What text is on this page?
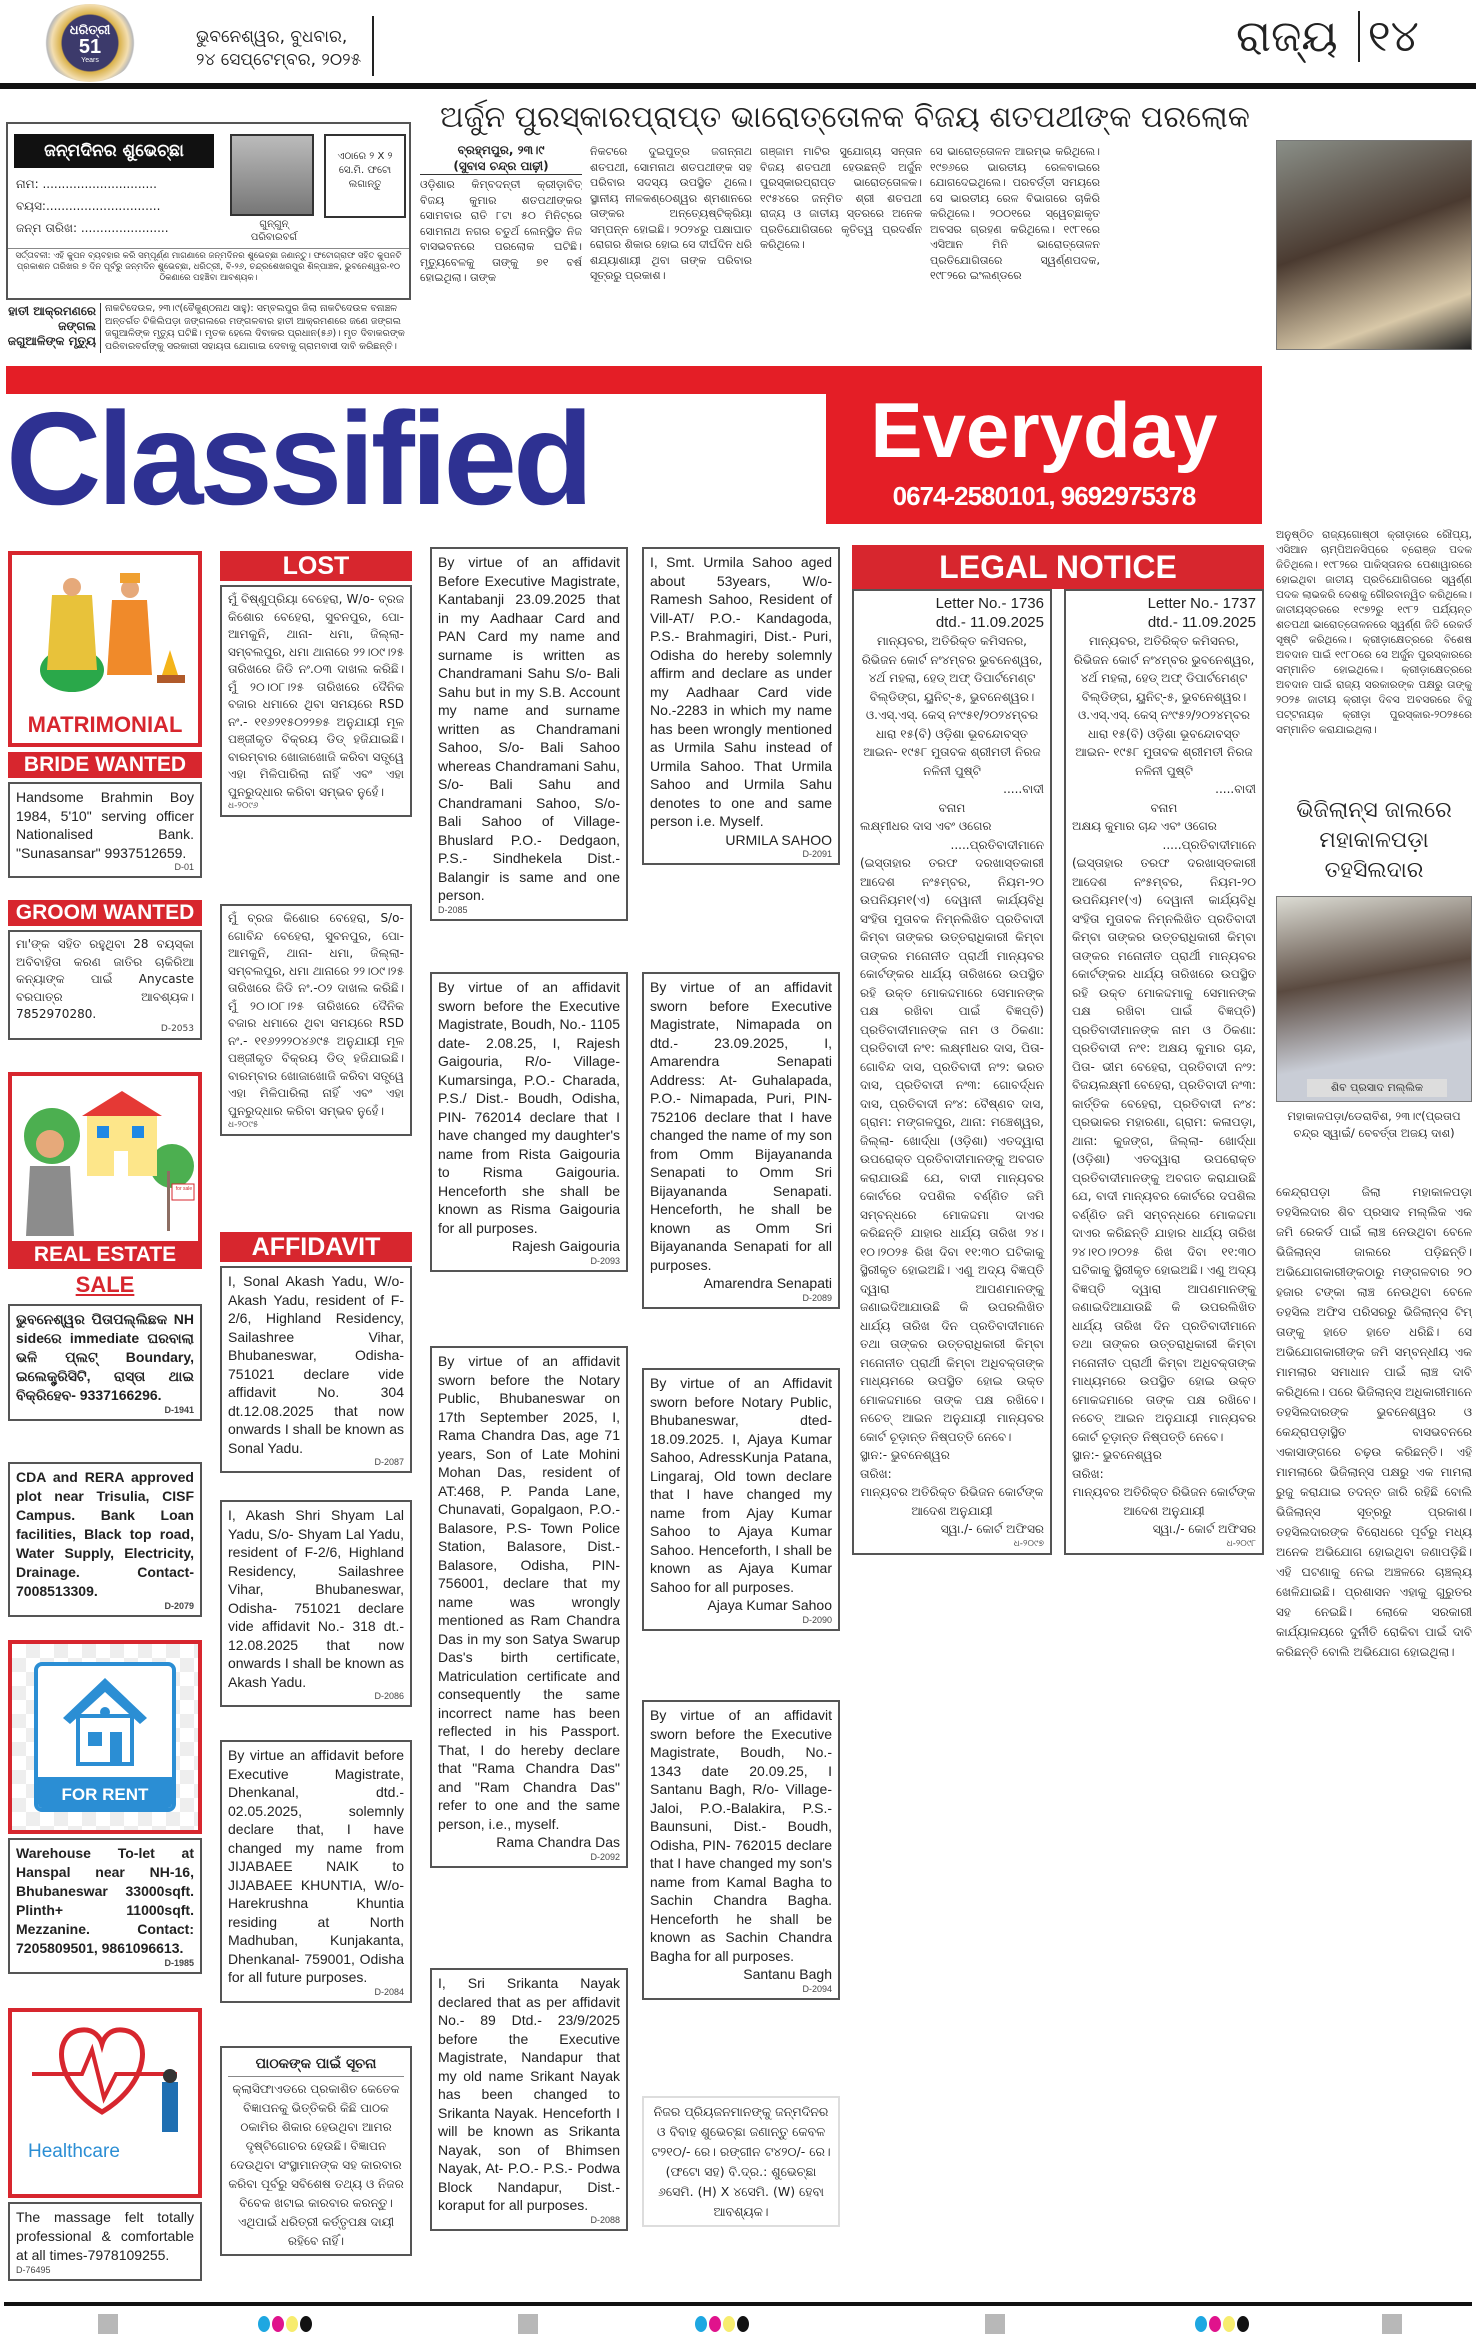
ଧରିତ୍ରୀ
51
Years
ଭୁବନେଶ୍ୱର, ବୁଧବାର,
୨୪ ସେପ୍ଟେମ୍ବର, ୨୦୨୫	ରାଜ୍ୟ ୧୪
ଜନ୍ମଦିନର ଶୁଭେଚ୍ଛା
ନାମ: ..............................
ବୟସ:..............................
ଜନ୍ମ ତାରିଖ: .......................	ଗୁନ୍‌ଗୁନ୍
ପରିବାରବର୍ଗ
ଏଠାରେ ୨ X ୨ ସେ.ମି. ଫଟୋ ଲଗାନ୍ତୁ
ସର୍ତ୍ତାବଳୀ: ଏହି କୁପନ ବ୍ୟବହାର କରି ସମ୍ପୂର୍ଣ୍ଣ ମାଗଣାରେ ଜନ୍ମଦିନର ଶୁଭେଚ୍ଛା ଜଣାନ୍ତୁ। ଫଟୋଗ୍ରାଫ ସହିତ କୁପନଟି ପ୍ରକାଶନ ତାରିଖର ୭ ଦିନ ପୂର୍ବରୁ ଜନ୍ମଦିନ ଶୁଭେଚ୍ଛା, ଧରିତ୍ରୀ, ବି-୨୬, ଚନ୍ଦ୍ରଶେଖରପୁର ଶିଳ୍ପାଞ୍ଚଳ, ଭୁବନେଶ୍ୱର-୧୦ ଠିକଣାରେ ପହଞ୍ଚିବା ଆବଶ୍ୟକ।
ହାତୀ ଆକ୍ରମଣରେ ଜଙ୍ଗଲ ଜଗୁଆଳିଙ୍କ ମୃତ୍ୟୁ
ନାକଟିଦେଉଳ, ୨୩।୯(ବୈକୁଣ୍ଠନାଥ ସାହୁ): ସମ୍ବଲପୁର ଜିଲା ନାକଟିଦେଉଳ ବନାଞ୍ଚଳ ଅନ୍ତର୍ଗତ ଟିକିଲିପଡ଼ା ଜଙ୍ଗଲରେ ମଙ୍ଗଳବାର ହାତୀ ଆକ୍ରମଣରେ ଜଣେ ଜଙ୍ଗଲ ଜଗୁଆଳିଙ୍କ ମୃତ୍ୟୁ ଘଟିଛି। ମୃତକ ହେଲେ ଦିବାକର ପ୍ରଧାନ(୫୬)। ମୃତ ଦିବାକରଙ୍କ ପରିବାରବର୍ଗଙ୍କୁ ସରକାରୀ ସହାୟତା ଯୋଗାଇ ଦେବାକୁ ଗ୍ରାମବାସୀ ଦାବି କରିଛନ୍ତି।
ଅର୍ଜୁନ ପୁରସ୍କାରପ୍ରାପ୍ତ ଭାରୋତ୍ତୋଳକ ବିଜୟ ଶତପଥୀଙ୍କ ପରଲୋକ
ବ୍ରହ୍ମପୁର, ୨୩।୯
(ସୁବାସ ଚନ୍ଦ୍ର ପାଢ଼ୀ)
ଓଡ଼ିଶାର କିମ୍ବଦନ୍ତୀ କ୍ରୀଡ଼ାବିତ୍ ବିଜୟ କୁମାର ଶତପଥୀଙ୍କର ସୋମବାର ରାତି ୮ଟା ୫୦ ମିନିଟ୍‌ରେ ସୋମନାଥ ନଗର ଚତୁର୍ଥ ଲେନ୍‌ସ୍ଥିତ ନିଜ ବାସଭବନରେ ପରଲୋକ ଘଟିଛି। ମୃତ୍ୟୁବେଳକୁ ତାଙ୍କୁ ୭୧ ବର୍ଷ ହୋଇଥିଲା। ତାଙ୍କ
ନିକଟରେ ଦୁଇପୁତ୍ର ଜଗନ୍ନାଥ ଶତପଥୀ, ସୋମନାଥ ଶତପଥୀଙ୍କ ସହ ପରିବାର ସଦସ୍ୟ ଉପସ୍ଥିତ ଥିଲେ। ସ୍ଥାନୀୟ ନୀଳକଣ୍ଠେଶ୍ୱର ଶ୍ମଶାନରେ ତାଙ୍କର ଅନ୍ତ୍ୟେଷ୍ଟିକ୍ରିୟା ସମ୍ପନ୍ନ ହୋଇଛି। ୨୦୨୪ରୁ ପକ୍ଷାଘାତ ରୋଗର ଶିକାର ହୋଇ ସେ ଦୀର୍ଘଦିନ ଧରି ଶଯ୍ୟାଶାୟୀ ଥିବା ତାଙ୍କ ପରିବାର ସୂତ୍ରରୁ ପ୍ରକାଶ।
ଗଞ୍ଜାମ ମାଟିର ସୁଯୋଗ୍ୟ ସନ୍ତାନ ବିଜୟ ଶତପଥୀ ହେଉଛନ୍ତି ଅର୍ଜୁନ ପୁରସ୍କାରପ୍ରାପ୍ତ ଭାରୋତ୍ତୋଳକ। ୧୯୫୪ରେ ଜନ୍ମିତ ଶ୍ରୀ ଶତପଥୀ ରାଜ୍ୟ ଓ ଜାତୀୟ ସ୍ତରରେ ଅନେକ ପ୍ରତିଯୋଗିତାରେ କୃତିତ୍ୱ ପ୍ରଦର୍ଶନ କରିଥିଲେ।
ସେ ଭାରୋତ୍ତୋଳନ ଆରମ୍ଭ କରିଥିଲେ। ୧୯୭୬ରେ ଭାରତୀୟ ରେଳବାଇରେ ଯୋଗଦେଇଥିଲେ। ପରବର୍ତ୍ତୀ ସମୟରେ ସେ ଭାରତୀୟ ରେଳ ବିଭାଗରେ ଚାକିରି କରିଥିଲେ। ୨୦୦୧ରେ ସ୍ୱେଚ୍ଛାକୃତ ଅବସର ଗ୍ରହଣ କରିଥିଲେ। ୧୯୮୧ରେ ଏସିଆନ ମିନି ଭାରୋତ୍ତୋଳନ ପ୍ରତିଯୋଗିତାରେ ସ୍ୱର୍ଣ୍ଣପଦକ, ୧୯୮୨ରେ ଇଂଲଣ୍ଡରେ
ଅନୁଷ୍ଠିତ ରାଜ୍ୟଗୋଷ୍ଠୀ କ୍ରୀଡ଼ାରେ ରୌପ୍ୟ, ଏସିଆନ ଚାମ୍ପିଅନସିପ୍‌ରେ ବ୍ରୋଞ୍ଜ ପଦକ ଜିତିଥିଲେ। ୧୯୮୨ରେ ପାକିସ୍ତାନର ପେଶାୱାରରେ ହୋଇଥିବା ଜାତୀୟ ପ୍ରତିଯୋଗିତାରେ ସ୍ୱର୍ଣ୍ଣ ପଦକ ଲାଭକରି ଦେଶକୁ ଗୌରବାନ୍ୱିତ କରିଥିଲେ। ଜାତୀୟସ୍ତରରେ ୧୯୭୨ରୁ ୧୯୮୨ ପର୍ଯ୍ୟନ୍ତ ଶତପଥୀ ଭାରୋତ୍ତୋଳନରେ ସ୍ୱର୍ଣ୍ଣ ଜିତି ରେକର୍ଡ ସୃଷ୍ଟି କରିଥିଲେ। କ୍ରୀଡ଼ାକ୍ଷେତ୍ରରେ ବିଶେଷ ଅବଦାନ ପାଇଁ ୧୯୮୦ରେ ସେ ଅର୍ଜୁନ ପୁରସ୍କାରରେ ସମ୍ମାନିତ ହୋଇଥିଲେ। କ୍ରୀଡ଼ାକ୍ଷେତ୍ରରେ ଅବଦାନ ପାଇଁ ରାଜ୍ୟ ସରକାରଙ୍କ ପକ୍ଷରୁ ତାଙ୍କୁ ୨୦୨୫ ଜାତୀୟ କ୍ରୀଡ଼ା ଦିବସ ଅବସରରେ ବିଜୁ ପଟ୍ଟନାୟକ କ୍ରୀଡ଼ା ପୁରସ୍କାର-୨୦୨୫ରେ ସମ୍ମାନିତ କରାଯାଇଥିଲା।
Classified	Everyday
0674-2580101, 9692975378
ଭିଜିଲାନ୍ସ ଜାଲରେ ମହାକାଳପଡ଼ା ତହସିଲଦାର
ଶିବ ପ୍ରସାଦ ମଲ୍ଲିକ
ମହାକାଳପଡ଼ା/ଡେରାବିଶ, ୨୩।୯(ପ୍ରତାପ ଚନ୍ଦ୍ର ସ୍ୱାଇଁ/ ବେବର୍ତ୍ତା ଅଜୟ ଦାଶ)
କେନ୍ଦ୍ରାପଡ଼ା ଜିଲା ମହାକାଳପଡ଼ା ତହସିଲଦାର ଶିବ ପ୍ରସାଦ ମଲ୍ଲିକ ଏକ ଜମି ରେକର୍ଡ ପାଇଁ ଲାଞ୍ଚ ନେଉଥିବା ବେଳେ ଭିଜିଲାନ୍ସ ଜାଲରେ ପଡ଼ିଛନ୍ତି। ଅଭିଯୋଗକାରୀଙ୍କଠାରୁ ମଙ୍ଗଳବାର ୨୦ ହଜାର ଟଙ୍କା ଲାଞ୍ଚ ନେଉଥିବା ବେଳେ ତହସିଲ ଅଫିସ ପରିସରରୁ ଭିଜିଲାନ୍ସ ଟିମ୍ ତାଙ୍କୁ ହାତେ ହାତେ ଧରିଛି। ସେ ଅଭିଯୋଗକାରୀଙ୍କ ଜମି ସମ୍ବନ୍ଧୀୟ ଏକ ମାମଲାର ସମାଧାନ ପାଇଁ ଲାଞ୍ଚ ଦାବି କରିଥିଲେ। ପରେ ଭିଜିଲାନ୍ସ ଅଧିକାରୀମାନେ ତହସିଲଦାରଙ୍କ ଭୁବନେଶ୍ୱର ଓ କେନ୍ଦ୍ରାପଡ଼ାସ୍ଥିତ ବାସଭବନରେ ଏକାସାଙ୍ଗରେ ଚଢ଼ଉ କରିଛନ୍ତି। ଏହି ମାମଲାରେ ଭିଜିଲାନ୍ସ ପକ୍ଷରୁ ଏକ ମାମଲା ରୁଜୁ କରାଯାଇ ତଦନ୍ତ ଜାରି ରହିଛି ବୋଲି ଭିଜିଲାନ୍ସ ସୂତ୍ରରୁ ପ୍ରକାଶ। ତହସିଲଦାରଙ୍କ ବିରୋଧରେ ପୂର୍ବରୁ ମଧ୍ୟ ଅନେକ ଅଭିଯୋଗ ହୋଇଥିବା ଜଣାପଡ଼ିଛି। ଏହି ଘଟଣାକୁ ନେଇ ଅଞ୍ଚଳରେ ଚାଞ୍ଚଲ୍ୟ ଖେଳିଯାଇଛି। ପ୍ରଶାସନ ଏହାକୁ ଗୁରୁତର ସହ ନେଇଛି। ଲୋକେ ସରକାରୀ କାର୍ଯ୍ୟାଳୟରେ ଦୁର୍ନୀତି ରୋକିବା ପାଇଁ ଦାବି କରିଛନ୍ତି ବୋଲି ଅଭିଯୋଗ ହୋଇଥିଲା।
MATRIMONIAL
BRIDE WANTED
Handsome Brahmin Boy 1984, 5'10" serving officer Nationalised Bank. "Sunasansar" 9937512659.
D-01
GROOM WANTED
ମା'ଙ୍କ ସହିତ ରହୁଥିବା 28 ବୟସ୍କା ଅବିବାହିତା କରଣ ଜାତିର ଚାକିରିଆ କନ୍ୟାଙ୍କ ପାଇଁ Anycaste ବରପାତ୍ର ଆବଶ୍ୟକ। 7852970280.
D-2053
for sale
REAL ESTATE
SALE
ଭୁବନେଶ୍ୱର ପିତାପଲ୍ଲିଛକ NH sideରେ immediate ଘରବାଲା ଭଳି ପ୍ଲଟ୍ Boundary, ଇଲେକ୍ଟ୍ରିସିଟି, ରାସ୍ତା ଥାଇ ବିକ୍ରିହେବ- 9337166296.
D-1941
CDA and RERA approved plot near Trisulia, CISF Campus. Bank Loan facilities, Black top road, Water Supply, Electricity, Drainage. Contact- 7008513309.
D-2079
FOR RENT
Warehouse To-let at Hanspal near NH-16, Bhubaneswar 33000sqft. Plinth+ 11000sqft. Mezzanine. Contact: 7205809501, 9861096613.
D-1985
Healthcare
The massage felt totally professional & comfortable at all times-7978109255.
D-76495
LOST
ମୁଁ ବିଷ୍ଣୁପ୍ରିୟା ବେହେରା, W/o- ବ୍ରଜ କିଶୋର ବେହେରା, ସୁବନପୁର, ପୋ- ଆମକୁନି, ଥାନା- ଧମା, ଜିଲ୍ଲା- ସମ୍ବଲପୁର, ଧମା ଥାନାରେ ୨୨।୦୯।୨୫ ତାରିଖରେ ଜିଡି ନଂ.୦୩ ଦାଖଲ କରିଛି। ମୁଁ ୨୦।୦୮।୨୫ ତାରିଖରେ ଦୈନିକ ବଜାର ଧମାରେ ଥିବା ସମୟରେ RSD ନଂ.- ୧୧୬୨୧୫୦୨୨୭୫ ଅନୁଯାୟୀ ମୂଳ ପଞ୍ଜୀକୃତ ବିକ୍ରୟ ଡିଡ୍ ହଜିଯାଇଛି। ବାରମ୍ବାର ଖୋଜାଖୋଜି କରିବା ସତ୍ତ୍ୱେ ଏହା ମିଳିପାରିଲା ନାହିଁ ଏବଂ ଏହା ପୁନରୁଦ୍ଧାର କରିବା ସମ୍ଭବ ନୁହେଁ।
ଧ-୨୦୯୬
ମୁଁ ବ୍ରଜ କିଶୋର ବେହେରା, S/o- ଗୋବିନ୍ଦ ବେହେରା, ସୁବନପୁର, ପୋ- ଆମକୁନି, ଥାନା- ଧମା, ଜିଲ୍ଲା- ସମ୍ବଲପୁର, ଧମା ଥାନାରେ ୨୨।୦୯।୨୫ ତାରିଖରେ ଜିଡି ନଂ.-୦୨ ଦାଖଲ କରିଛି। ମୁଁ ୨୦।୦୮।୨୫ ତାରିଖରେ ଦୈନିକ ବଜାର ଧମାରେ ଥିବା ସମୟରେ RSD ନଂ.- ୧୧୬୨୨୨୦୪୬୯୫ ଅନୁଯାୟୀ ମୂଳ ପଞ୍ଜୀକୃତ ବିକ୍ରୟ ଡିଡ୍ ହଜିଯାଇଛି। ବାରମ୍ବାର ଖୋଜାଖୋଜି କରିବା ସତ୍ତ୍ୱେ ଏହା ମିଳିପାରିଲା ନାହିଁ ଏବଂ ଏହା ପୁନରୁଦ୍ଧାର କରିବା ସମ୍ଭବ ନୁହେଁ।
ଧ-୨୦୯୫
AFFIDAVIT
I, Sonal Akash Yadu, W/o- Akash Yadu, resident of F-2/6, Highland Residency, Sailashree Vihar, Bhubaneswar, Odisha-751021 declare vide affidavit No. 304 dt.12.08.2025 that now onwards I shall be known as Sonal Yadu.
D-2087
I, Akash Shri Shyam Lal Yadu, S/o- Shyam Lal Yadu, resident of F-2/6, Highland Residency, Sailashree Vihar, Bhubaneswar, Odisha- 751021 declare vide affidavit No.- 318 dt.- 12.08.2025 that now onwards I shall be known as Akash Yadu.
D-2086
By virtue an affidavit before Executive Magistrate, Dhenkanal, dtd.- 02.05.2025, solemnly declare that, I have changed my name from JIJABAEE NAIK to JIJABAEE KHUNTIA, W/o- Harekrushna Khuntia residing at North Madhuban, Kunjakanta, Dhenkanal- 759001, Odisha for all future purposes.
D-2084
ପାଠକଙ୍କ ପାଇଁ ସୂଚନା
କ୍ଲାସିଫାଏଡରେ ପ୍ରକାଶିତ କେତେକ ବିଜ୍ଞାପନକୁ ଭିତ୍ତିକରି କିଛି ପାଠକ ଠକାମିର ଶିକାର ହେଉଥିବା ଆମର ଦୃଷ୍ଟିଗୋଚର ହେଉଛି। ବିଜ୍ଞାପନ ଦେଉଥିବା ସଂସ୍ଥାମାନଙ୍କ ସହ କାରବାର କରିବା ପୂର୍ବରୁ ସବିଶେଷ ତଥ୍ୟ ଓ ନିଜର ବିବେକ ଖଟାଇ କାରବାର କରନ୍ତୁ। ଏଥିପାଇଁ ଧରିତ୍ରୀ କର୍ତ୍ତୃପକ୍ଷ ଦାୟୀ ରହିବେ ନାହିଁ।
By virtue of an affidavit Before Executive Magistrate, Kantabanji 23.09.2025 that in my Aadhaar Card and PAN Card my name and surname is written as Chandramani Sahu S/o- Bali Sahu but in my S.B. Account my name and surname written as Chandramani Sahoo, S/o- Bali Sahoo whereas Chandramani Sahu, S/o- Bali Sahu and Chandramani Sahoo, S/o- Bali Sahoo of Village-Bhuslard P.O.- Dedgaon, P.S.- Sindhekela Dist.-Balangir is same and one person.
D-2085
By virtue of an affidavit sworn before the Executive Magistrate, Boudh, No.- 1105 date- 2.08.25, I, Rajesh Gaigouria, R/o- Village- Kumarsinga, P.O.- Charada, P.S./ Dist.- Boudh, Odisha, PIN- 762014 declare that I have changed my daughter's name from Rista Gaigouria to Risma Gaigouria. Henceforth she shall be known as Risma Gaigouria for all purposes.
Rajesh Gaigouria
D-2093
By virtue of an affidavit sworn before the Notary Public, Bhubaneswar on 17th September 2025, I, Rama Chandra Das, age 71 years, Son of Late Mohini Mohan Das, resident of AT:468, P. Panda Lane, Chunavati, Gopalgaon, P.O.- Balasore, P.S- Town Police Station, Balasore, Dist.- Balasore, Odisha, PIN-756001, declare that my name was wrongly mentioned as Ram Chandra Das in my son Satya Swarup Das's birth certificate, Matriculation certificate and consequently the same incorrect name has been reflected in his Passport. That, I do hereby declare that "Rama Chandra Das" and "Ram Chandra Das" refer to one and the same person, i.e., myself.
Rama Chandra Das
D-2092
I, Sri Srikanta Nayak declared that as per affidavit No.- 89 Dtd.- 23/9/2025 before the Executive Magistrate, Nandapur that my old name Srikant Nayak has been changed to Srikanta Nayak. Henceforth I will be known as Srikanta Nayak, son of Bhimsen Nayak, At- P.O.- P.S.- Podwa Block Nandapur, Dist.- koraput for all purposes.
D-2088
I, Smt. Urmila Sahoo aged about 53years, W/o- Ramesh Sahoo, Resident of Vill-AT/ P.O.- Kandagoda, P.S.- Brahmagiri, Dist.- Puri, Odisha do hereby solemnly affirm and declare as under my Aadhaar Card vide No.-2283 in which my name has been wrongly mentioned as Urmila Sahu instead of Urmila Sahoo. That Urmila Sahoo and Urmila Sahu denotes to one and same person i.e. Myself.
URMILA SAHOO
D-2091
By virtue of an affidavit sworn before Executive Magistrate, Nimapada on dtd.- 23.09.2025, I, Amarendra Senapati Address: At- Guhalapada, P.O.- Nimapada, Puri, PIN- 752106 declare that I have changed the name of my son from Omm Bijayananda Senapati to Omm Sri Bijayananda Senapati. Henceforth, he shall be known as Omm Sri Bijayananda Senapati for all purposes.
Amarendra Senapati
D-2089
By virtue of an Affidavit sworn before Notary Public, Bhubaneswar, dted- 18.09.2025. I, Ajaya Kumar Sahoo, AdressKunja Patana, Lingaraj, Old town declare that I have changed my name from Ajay Kumar Sahoo to Ajaya Kumar Sahoo. Henceforth, I shall be known as Ajaya Kumar Sahoo for all purposes.
Ajaya Kumar Sahoo
D-2090
By virtue of an affidavit sworn before the Executive Magistrate, Boudh, No.- 1343 date 20.09.25, I Santanu Bagh, R/o- Village- Jaloi, P.O.-Balakira, P.S.- Baunsuni, Dist.- Boudh, Odisha, PIN- 762015 declare that I have changed my son's name from Kamal Bagha to Sachin Chandra Bagha. Henceforth he shall be known as Sachin Chandra Bagha for all purposes.
Santanu Bagh
D-2094
ନିଜର ପ୍ରିୟଜନମାନଙ୍କୁ ଜନ୍ମଦିନର ଓ ବିବାହ ଶୁଭେଚ୍ଛା ଜଣାନ୍ତୁ କେବଳ ଟ୨୧୦/- ରେ। ରଙ୍ଗୀନ ଟ୪୨୦/- ରେ। (ଫଟୋ ସହ) ବି.ଦ୍ର.: ଶୁଭେଚ୍ଛା ୬ସେମି. (H) X ୪ସେମି. (W) ହେବା ଆବଶ୍ୟକ।
LEGAL NOTICE
Letter No.- 1736
dtd.- 11.09.2025
ମାନ୍ୟବର, ଅତିରିକ୍ତ କମିସନର, ରିଭିଜନ କୋର୍ଟ ନଂ୪ମ୍ବର ଭୁବନେଶ୍ୱର, ୪ର୍ଥ ମହଲା, ହେଡ୍ ଅଫ୍ ଡିପାର୍ଟମେଣ୍ଟ ବିଲ୍ଡିଙ୍ଗ, ୟୁନିଟ୍-୫, ଭୁବନେଶ୍ୱର। ଓ.ଏସ୍.ଏସ୍. କେସ୍ ନଂ୯୫୧/୨୦୨୪ମ୍ବର ଧାରା ୧୫(ବି) ଓଡ଼ିଶା ଭୂବନ୍ଦୋବସ୍ତ ଆଇନ- ୧୯୫୮ ମୁତାବକ ଶ୍ରୀମତୀ ନିରଜ ନଳିନୀ ପୁଷ୍ଟି
.....ବାଦୀ
ବନାମ
ଲକ୍ଷ୍ମୀଧର ଦାସ ଏବଂ ଓଗେର
.....ପ୍ରତିବାଦୀମାନେ
(ଇସ୍ତାହାର ତରଫ ଦରଖାସ୍ତକାରୀ ଆଦେଶ ନଂ୫ମ୍ବର, ନିୟମ-୨୦ ଉପନିୟମ୧(ଏ) ଦେୱାନୀ କାର୍ଯ୍ୟବିଧି ସଂହିତା ମୁତାବକ ନିମ୍ନଲିଖିତ ପ୍ରତିବାଦୀ କିମ୍ବା ତାଙ୍କର ଉତ୍ତରାଧିକାରୀ କିମ୍ବା ତାଙ୍କର ମନୋନୀତ ପ୍ରାର୍ଥୀ ମାନ୍ୟବର କୋର୍ଟଙ୍କର ଧାର୍ଯ୍ୟ ତାରିଖରେ ଉପସ୍ଥିତ ରହି ଉକ୍ତ ମୋକଦ୍ଦମାରେ ସେମାନଙ୍କ ପକ୍ଷ ରଖିବା ପାଇଁ ବିଜ୍ଞପ୍ତି) ପ୍ରତିବାଦୀମାନଙ୍କ ନାମ ଓ ଠିକଣା: ପ୍ରତିବାଦୀ ନଂ୧: ଲକ୍ଷ୍ମୀଧର ଦାସ, ପିତା- ଗୋବିନ୍ଦ ଦାସ, ପ୍ରତିବାଦୀ ନଂ୨: ଭରତ ଦାସ, ପ୍ରତିବାଦୀ ନଂ୩: ଗୋବର୍ଦ୍ଧନ ଦାସ, ପ୍ରତିବାଦୀ ନଂ୪: ବୈଷ୍ଣବ ଦାସ, ଗ୍ରାମ: ମଙ୍ଗଳପୁର, ଥାନା: ମଞ୍ଚେଶ୍ୱର, ଜିଲ୍ଲା- ଖୋର୍ଦ୍ଧା (ଓଡ଼ିଶା) ଏତଦ୍ୱାରା ଉପରୋକ୍ତ ପ୍ରତିବାଦୀମାନଙ୍କୁ ଅବଗତ କରାଯାଉଛି ଯେ, ବାଦୀ ମାନ୍ୟବର କୋର୍ଟରେ ଦପଶିଲ ବର୍ଣ୍ଣିତ ଜମି ସମ୍ବନ୍ଧରେ ମୋକଦ୍ଦମା ଦାଏର କରିଛନ୍ତି ଯାହାର ଧାର୍ଯ୍ୟ ତାରିଖ ୨୪।୧୦।୨୦୨୫ ରିଖ ଦିବା ୧୧:୩୦ ଘଟିକାକୁ ସ୍ଥିରୀକୃତ ହୋଇଅଛି। ଏଣୁ ଅଦ୍ୟ ବିଜ୍ଞପ୍ତି ଦ୍ୱାରା ଆପଣମାନଙ୍କୁ ଜଣାଇଦିଆଯାଉଛି କି ଉପରଲିଖିତ ଧାର୍ଯ୍ୟ ତାରିଖ ଦିନ ପ୍ରତିବାଦୀମାନେ ତଥା ତାଙ୍କର ଉତ୍ତରାଧିକାରୀ କିମ୍ବା ମନୋନୀତ ପ୍ରାର୍ଥୀ କିମ୍ବା ଅଧିବକ୍ତାଙ୍କ ମାଧ୍ୟମରେ ଉପସ୍ଥିତ ହୋଇ ଉକ୍ତ ମୋକଦ୍ଦମାରେ ତାଙ୍କ ପକ୍ଷ ରଖିବେ। ନଚେତ୍ ଆଇନ ଅନୁଯାୟୀ ମାନ୍ୟବର କୋର୍ଟ ଚୂଡ଼ାନ୍ତ ନିଷ୍ପତ୍ତି ନେବେ।
ସ୍ଥାନ:- ଭୁବନେଶ୍ୱର
ତାରିଖ:
ମାନ୍ୟବର ଅତିରିକ୍ତ ରିଭିଜନ କୋର୍ଟଙ୍କ ଆଦେଶ ଅନୁଯାୟୀ
ସ୍ୱା./- କୋର୍ଟ ଅଫିସର
ଧ-୨୦୯୭
Letter No.- 1737
dtd.- 11.09.2025
ମାନ୍ୟବର, ଅତିରିକ୍ତ କମିସନର, ରିଭିଜନ କୋର୍ଟ ନଂ୪ମ୍ବର ଭୁବନେଶ୍ୱର, ୪ର୍ଥ ମହଲା, ହେଡ୍ ଅଫ୍ ଡିପାର୍ଟମେଣ୍ଟ ବିଲ୍ଡିଙ୍ଗ, ୟୁନିଟ୍-୫, ଭୁବନେଶ୍ୱର। ଓ.ଏସ୍.ଏସ୍. କେସ୍ ନଂ୯୫୨/୨୦୨୪ମ୍ବର ଧାରା ୧୫(ବି) ଓଡ଼ିଶା ଭୂବନ୍ଦୋବସ୍ତ ଆଇନ- ୧୯୫୮ ମୁତାବକ ଶ୍ରୀମତୀ ନିରଜ ନଳିନୀ ପୁଷ୍ଟି
.....ବାଦୀ
ବନାମ
ଅକ୍ଷୟ କୁମାର ଚାନ୍ଦ ଏବଂ ଓଗେର
.....ପ୍ରତିବାଦୀମାନେ
(ଇସ୍ତାହାର ତରଫ ଦରଖାସ୍ତକାରୀ ଆଦେଶ ନଂ୫ମ୍ବର, ନିୟମ-୨୦ ଉପନିୟମ୧(ଏ) ଦେୱାନୀ କାର୍ଯ୍ୟବିଧି ସଂହିତା ମୁତାବକ ନିମ୍ନଲିଖିତ ପ୍ରତିବାଦୀ କିମ୍ବା ତାଙ୍କର ଉତ୍ତରାଧିକାରୀ କିମ୍ବା ତାଙ୍କର ମନୋନୀତ ପ୍ରାର୍ଥୀ ମାନ୍ୟବର କୋର୍ଟଙ୍କର ଧାର୍ଯ୍ୟ ତାରିଖରେ ଉପସ୍ଥିତ ରହି ଉକ୍ତ ମୋକଦ୍ଦମାକୁ ସେମାନଙ୍କ ପକ୍ଷ ରଖିବା ପାଇଁ ବିଜ୍ଞପ୍ତି) ପ୍ରତିବାଦୀମାନଙ୍କ ନାମ ଓ ଠିକଣା: ପ୍ରତିବାଦୀ ନଂ୧: ଅକ୍ଷୟ କୁମାର ଚାନ୍ଦ, ପିତା- ଭୀମ ବେହେରା, ପ୍ରତିବାଦୀ ନଂ୨: ବିଜୟଲକ୍ଷ୍ମୀ ବେହେରା, ପ୍ରତିବାଦୀ ନଂ୩: କାର୍ତ୍ତିକ ବେହେରା, ପ୍ରତିବାଦୀ ନଂ୪: ପ୍ରଭାକର ମହାରଣା, ଗ୍ରାମ: କଳାପଡ଼ା, ଥାନା: କୁଜଙ୍ଗ, ଜିଲ୍ଲା- ଖୋର୍ଦ୍ଧା (ଓଡ଼ିଶା) ଏତଦ୍ୱାରା ଉପରୋକ୍ତ ପ୍ରତିବାଦୀମାନଙ୍କୁ ଅବଗତ କରାଯାଉଛି ଯେ, ବାଦୀ ମାନ୍ୟବର କୋର୍ଟରେ ଦପଶିଲ ବର୍ଣ୍ଣିତ ଜମି ସମ୍ବନ୍ଧରେ ମୋକଦ୍ଦମା ଦାଏର କରିଛନ୍ତି ଯାହାର ଧାର୍ଯ୍ୟ ତାରିଖ ୨୪।୧୦।୨୦୨୫ ରିଖ ଦିବା ୧୧:୩୦ ଘଟିକାକୁ ସ୍ଥିରୀକୃତ ହୋଇଅଛି। ଏଣୁ ଅଦ୍ୟ ବିଜ୍ଞପ୍ତି ଦ୍ୱାରା ଆପଣମାନଙ୍କୁ ଜଣାଇଦିଆଯାଉଛି କି ଉପରଲିଖିତ ଧାର୍ଯ୍ୟ ତାରିଖ ଦିନ ପ୍ରତିବାଦୀମାନେ ତଥା ତାଙ୍କର ଉତ୍ତରାଧିକାରୀ କିମ୍ବା ମନୋନୀତ ପ୍ରାର୍ଥୀ କିମ୍ବା ଅଧିବକ୍ତାଙ୍କ ମାଧ୍ୟମରେ ଉପସ୍ଥିତ ହୋଇ ଉକ୍ତ ମୋକଦ୍ଦମାରେ ତାଙ୍କ ପକ୍ଷ ରଖିବେ। ନଚେତ୍ ଆଇନ ଅନୁଯାୟୀ ମାନ୍ୟବର କୋର୍ଟ ଚୂଡ଼ାନ୍ତ ନିଷ୍ପତ୍ତି ନେବେ।
ସ୍ଥାନ:- ଭୁବନେଶ୍ୱର
ତାରିଖ:
ମାନ୍ୟବର ଅତିରିକ୍ତ ରିଭିଜନ କୋର୍ଟଙ୍କ ଆଦେଶ ଅନୁଯାୟୀ
ସ୍ୱା./- କୋର୍ଟ ଅଫିସର
ଧ-୨୦୯୮
